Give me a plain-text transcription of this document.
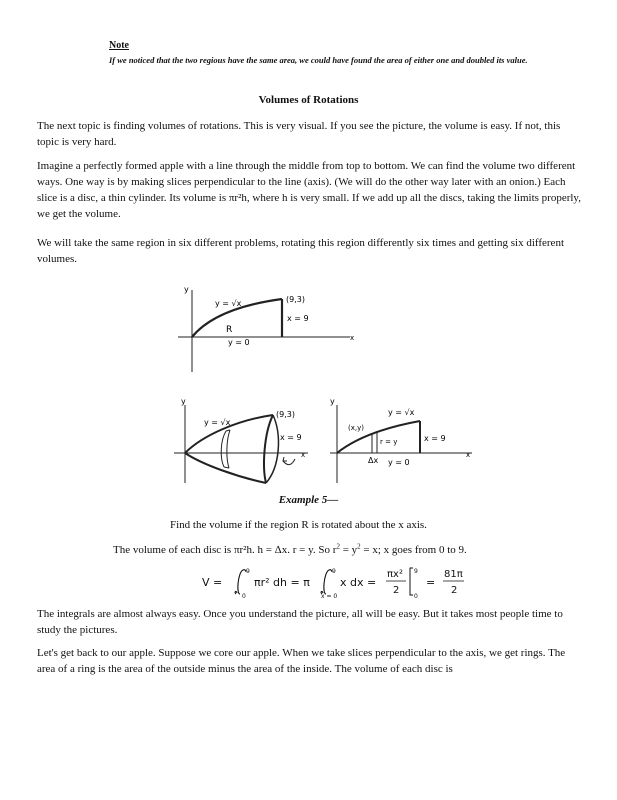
Note
If we noticed that the two regious have the same area, we could have found the area of either one and doubled its value.
Volumes of Rotations
The next topic is finding volumes of rotations. This is very visual. If you see the picture, the volume is easy. If not, this topic is very hard.
Imagine a perfectly formed apple with a line through the middle from top to bottom. We can find the volume two different ways. One way is by making slices perpendicular to the line (axis). (We will do the other way later with an onion.) Each slice is a disc, a thin cylinder. Its volume is πr²h, where h is very small. If we add up all the discs, taking the limits properly, we get the volume.
We will take the same region in six different problems, rotating this region differently six times and getting six different volumes.
y
x
y = √x	(9,3)
x = 9
R
y = 0
y
x
y = √x
(9,3)
x = 9
y
x
y = √x
(x,y)
r = y	x = 9
Δx y = 0
Example 5—
Find the volume if the region R is rotated about the x axis.
The volume of each disc is πr²h. h = Δx. r = y. So $r^2 = y^2 = x$; x goes from 0 to 9.
V =
9
0
πr² dh = π
9
x = 0
x dx =
πx²
2
9
0
=
81π
2
The integrals are almost always easy. Once you understand the picture, all will be easy. But it takes most people time to study the pictures.
Let's get back to our apple. Suppose we core our apple. When we take slices perpendicular to the axis, we get rings. The area of a ring is the area of the outside minus the area of the inside. The volume of each disc is
